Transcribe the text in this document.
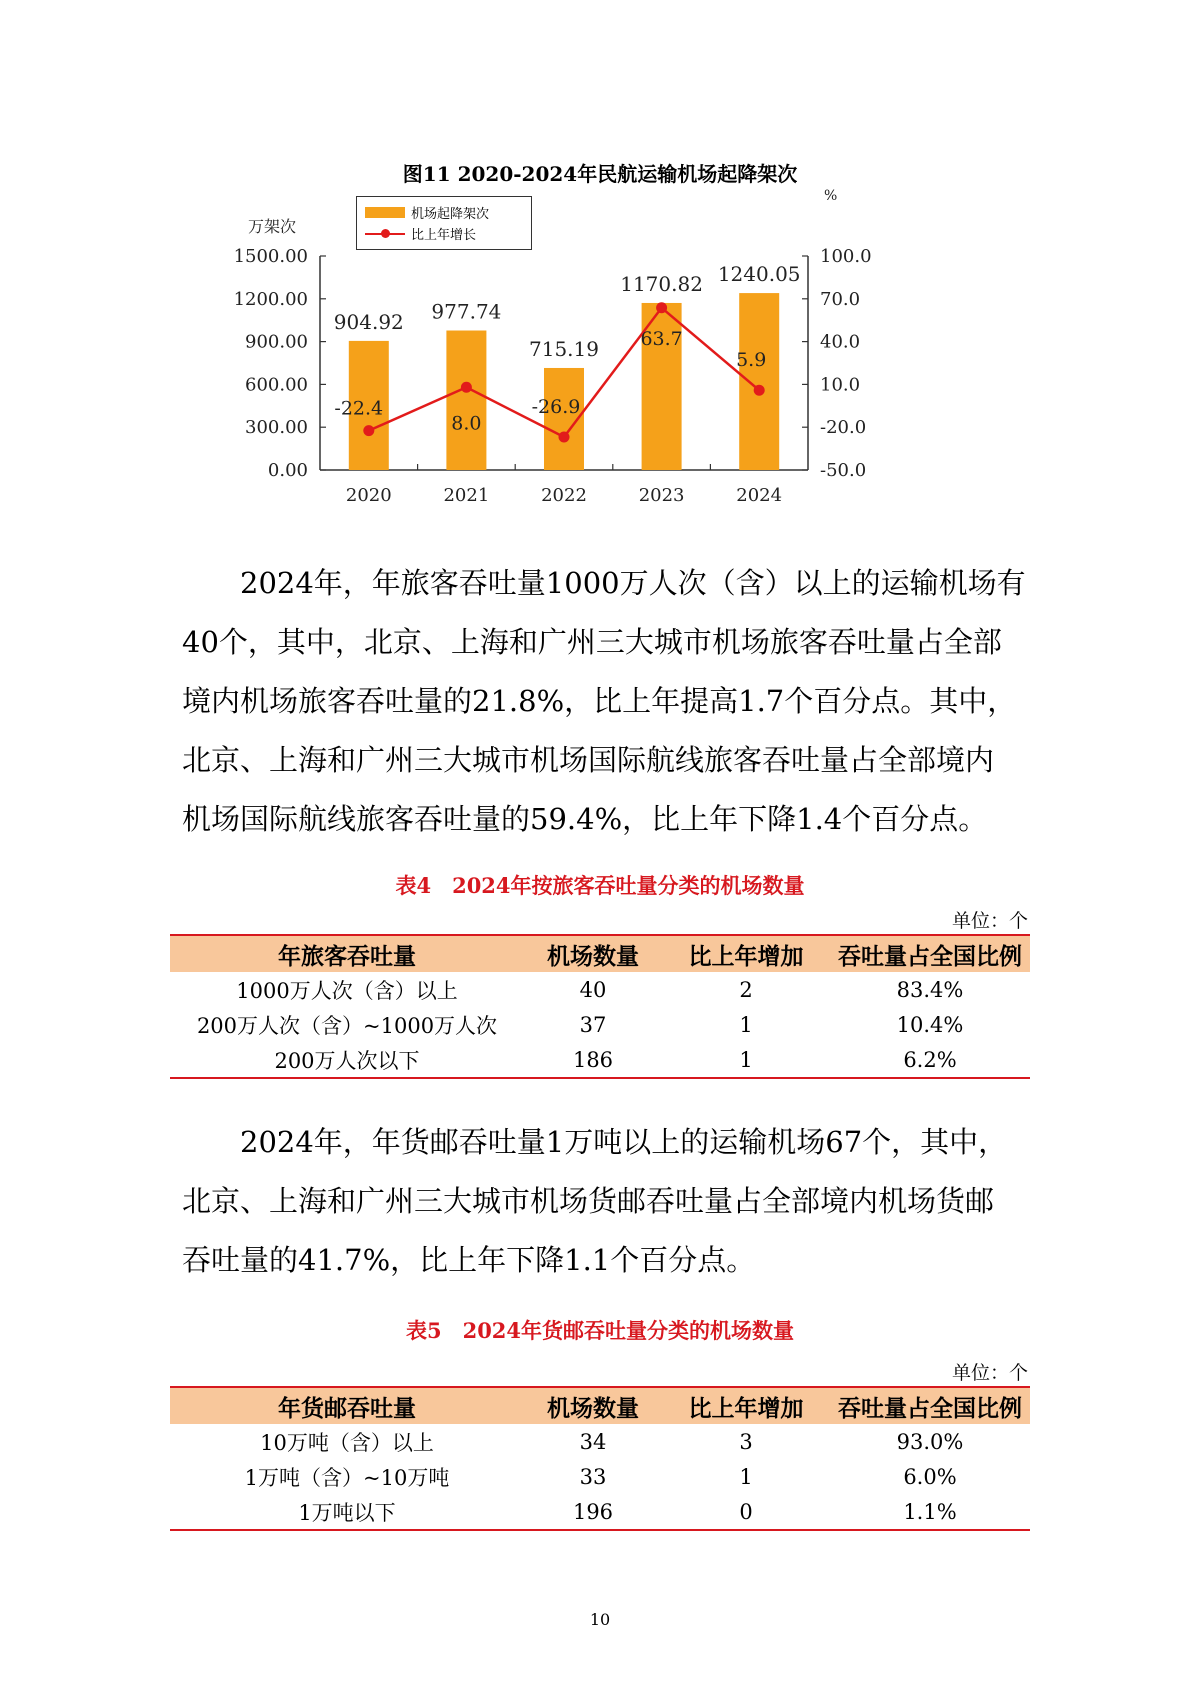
图11 2020-2024年民航运输机场起降架次
万架次
%
机场起降架次
比上年增长
0.00
300.00
600.00
900.00
1200.00
1500.00
-50.0
-20.0
10.0
40.0
70.0
100.0
2020	2021	2022	2023	2024
904.92 977.74
715.19
1170.82 1240.05
-22.4
8.0
-26.9
63.7
5.9
2024年，年旅客吞吐量1000万人次（含）以上的运输机场有
40个，其中，北京、上海和广州三大城市机场旅客吞吐量占全部
境内机场旅客吞吐量的21.8%，比上年提高1.7个百分点。其中，
北京、上海和广州三大城市机场国际航线旅客吞吐量占全部境内
机场国际航线旅客吞吐量的59.4%，比上年下降1.4个百分点。
表4　2024年按旅客吞吐量分类的机场数量
单位：个
年旅客吞吐量	机场数量	比上年增加	吞吐量占全国比例
1000万人次（含）以上	40	2	83.4%
200万人次（含）~1000万人次	37	1	10.4%
200万人次以下	186	1	6.2%
2024年，年货邮吞吐量1万吨以上的运输机场67个，其中，
北京、上海和广州三大城市机场货邮吞吐量占全部境内机场货邮
吞吐量的41.7%，比上年下降1.1个百分点。
表5　2024年货邮吞吐量分类的机场数量
单位：个
年货邮吞吐量	机场数量	比上年增加	吞吐量占全国比例
10万吨（含）以上	34	3	93.0%
1万吨（含）~10万吨	33	1	6.0%
1万吨以下	196	0	1.1%
10
